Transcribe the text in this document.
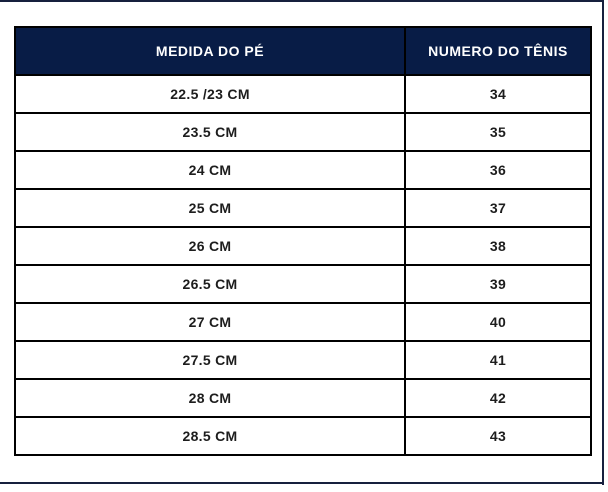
MEDIDA DO PÉ	NUMERO DO TÊNIS
22.5 /23 CM	34
23.5 CM	35
24 CM	36
25 CM	37
26 CM	38
26.5 CM	39
27 CM	40
27.5 CM	41
28 CM	42
28.5 CM	43
